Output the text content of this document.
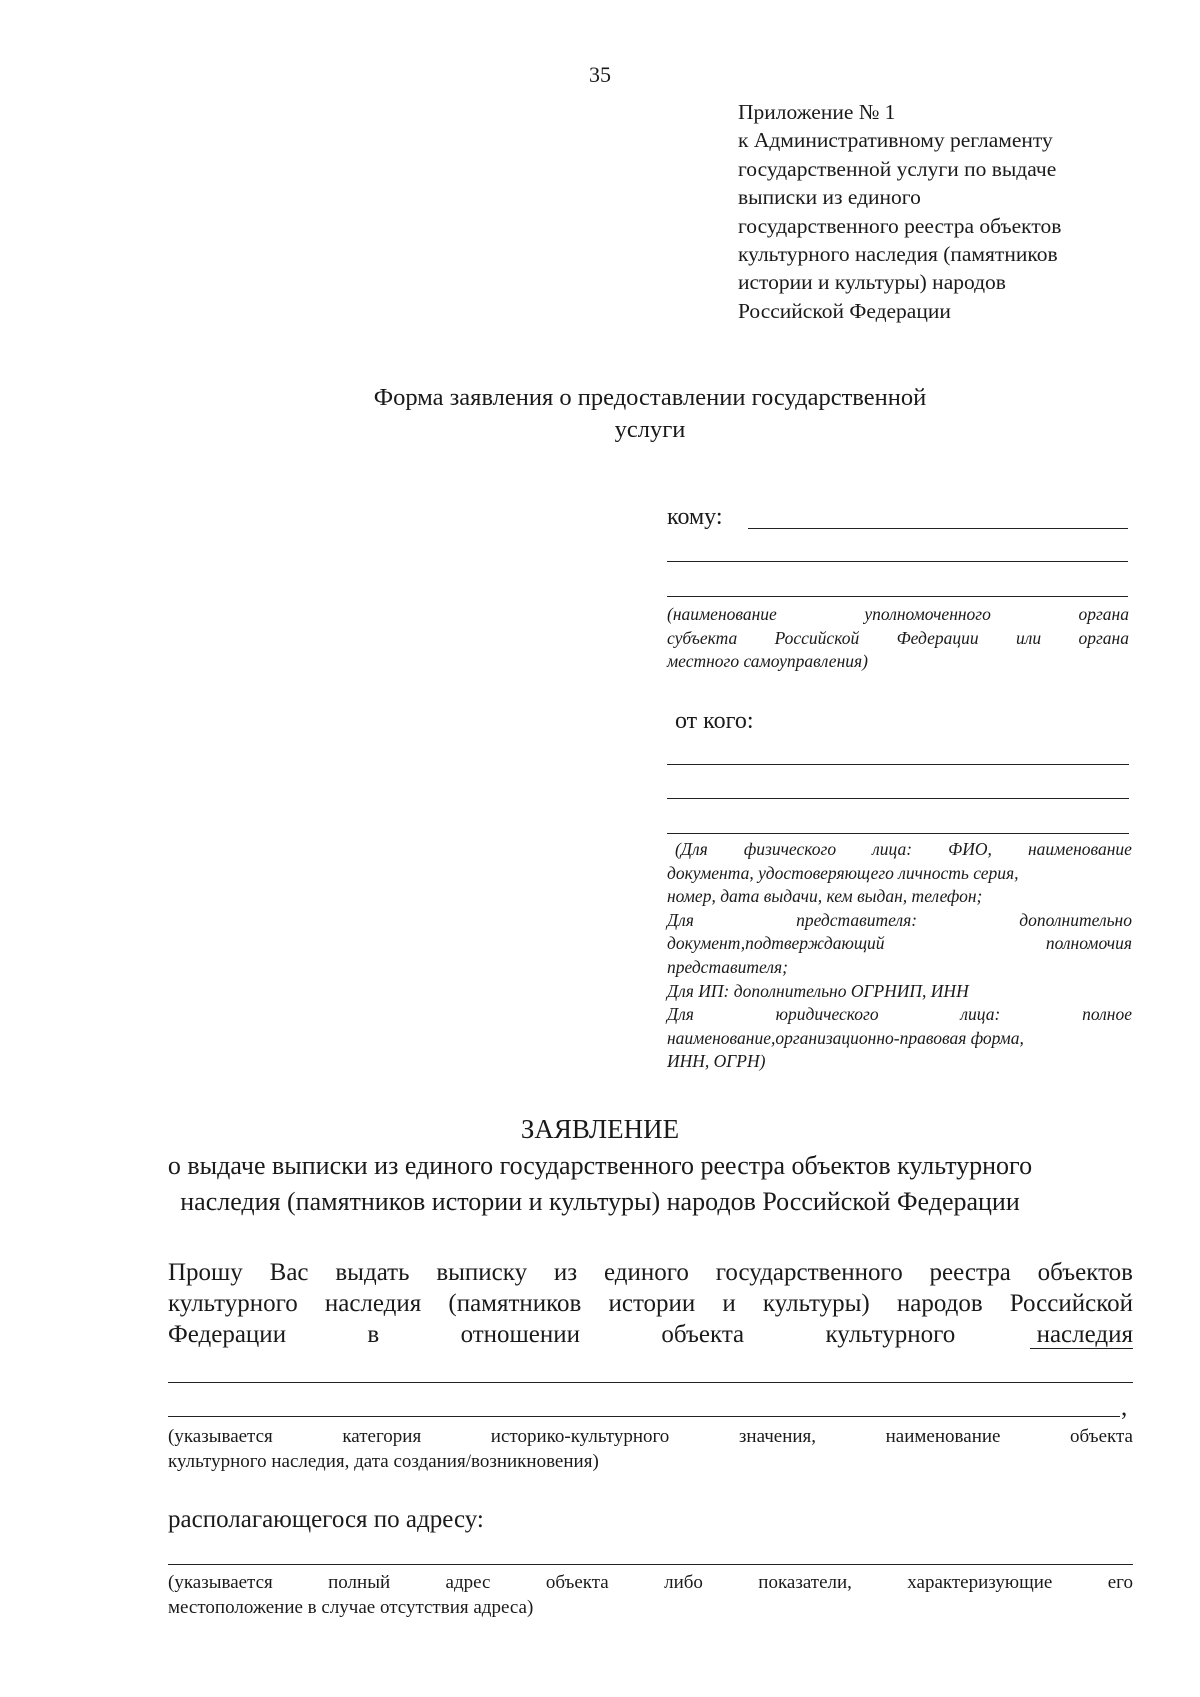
35
Приложение № 1
к Административному регламенту
государственной услуги по выдаче
выписки из единого
государственного реестра объектов
культурного наследия (памятников
истории и культуры) народов
Российской Федерации
Форма заявления о предоставлении государственной
услуги
кому:
(наименование	уполномоченного	органа
субъекта Российской Федерации или органа
местного самоуправления)
от кого:
(Для физического лица: ФИО, наименование
документа, удостоверяющего личность серия,
номер, дата выдачи, кем выдан, телефон;
Для	представителя:	дополнительно
документ,подтверждающий	полномочия
представителя;
Для ИП: дополнительно ОГРНИП, ИНН
Для	юридического	лица:	полное
наименование,организационно-правовая форма,
ИНН, ОГРН)
ЗАЯВЛЕНИЕ
о выдаче выписки из единого государственного реестра объектов культурного
наследия (памятников истории и культуры) народов Российской Федерации
Прошу Вас выдать выписку из единого государственного реестра объектов
культурного наследия (памятников истории и культуры) народов Российской
Федерации	в	отношении	объекта	культурного	наследия
,
(указывается	категория	историко-культурного	значения,	наименование	объекта
культурного наследия, дата создания/возникновения)
располагающегося по адресу:
(указывается	полный	адрес	объекта	либо	показатели,	характеризующие	его
местоположение в случае отсутствия адреса)
